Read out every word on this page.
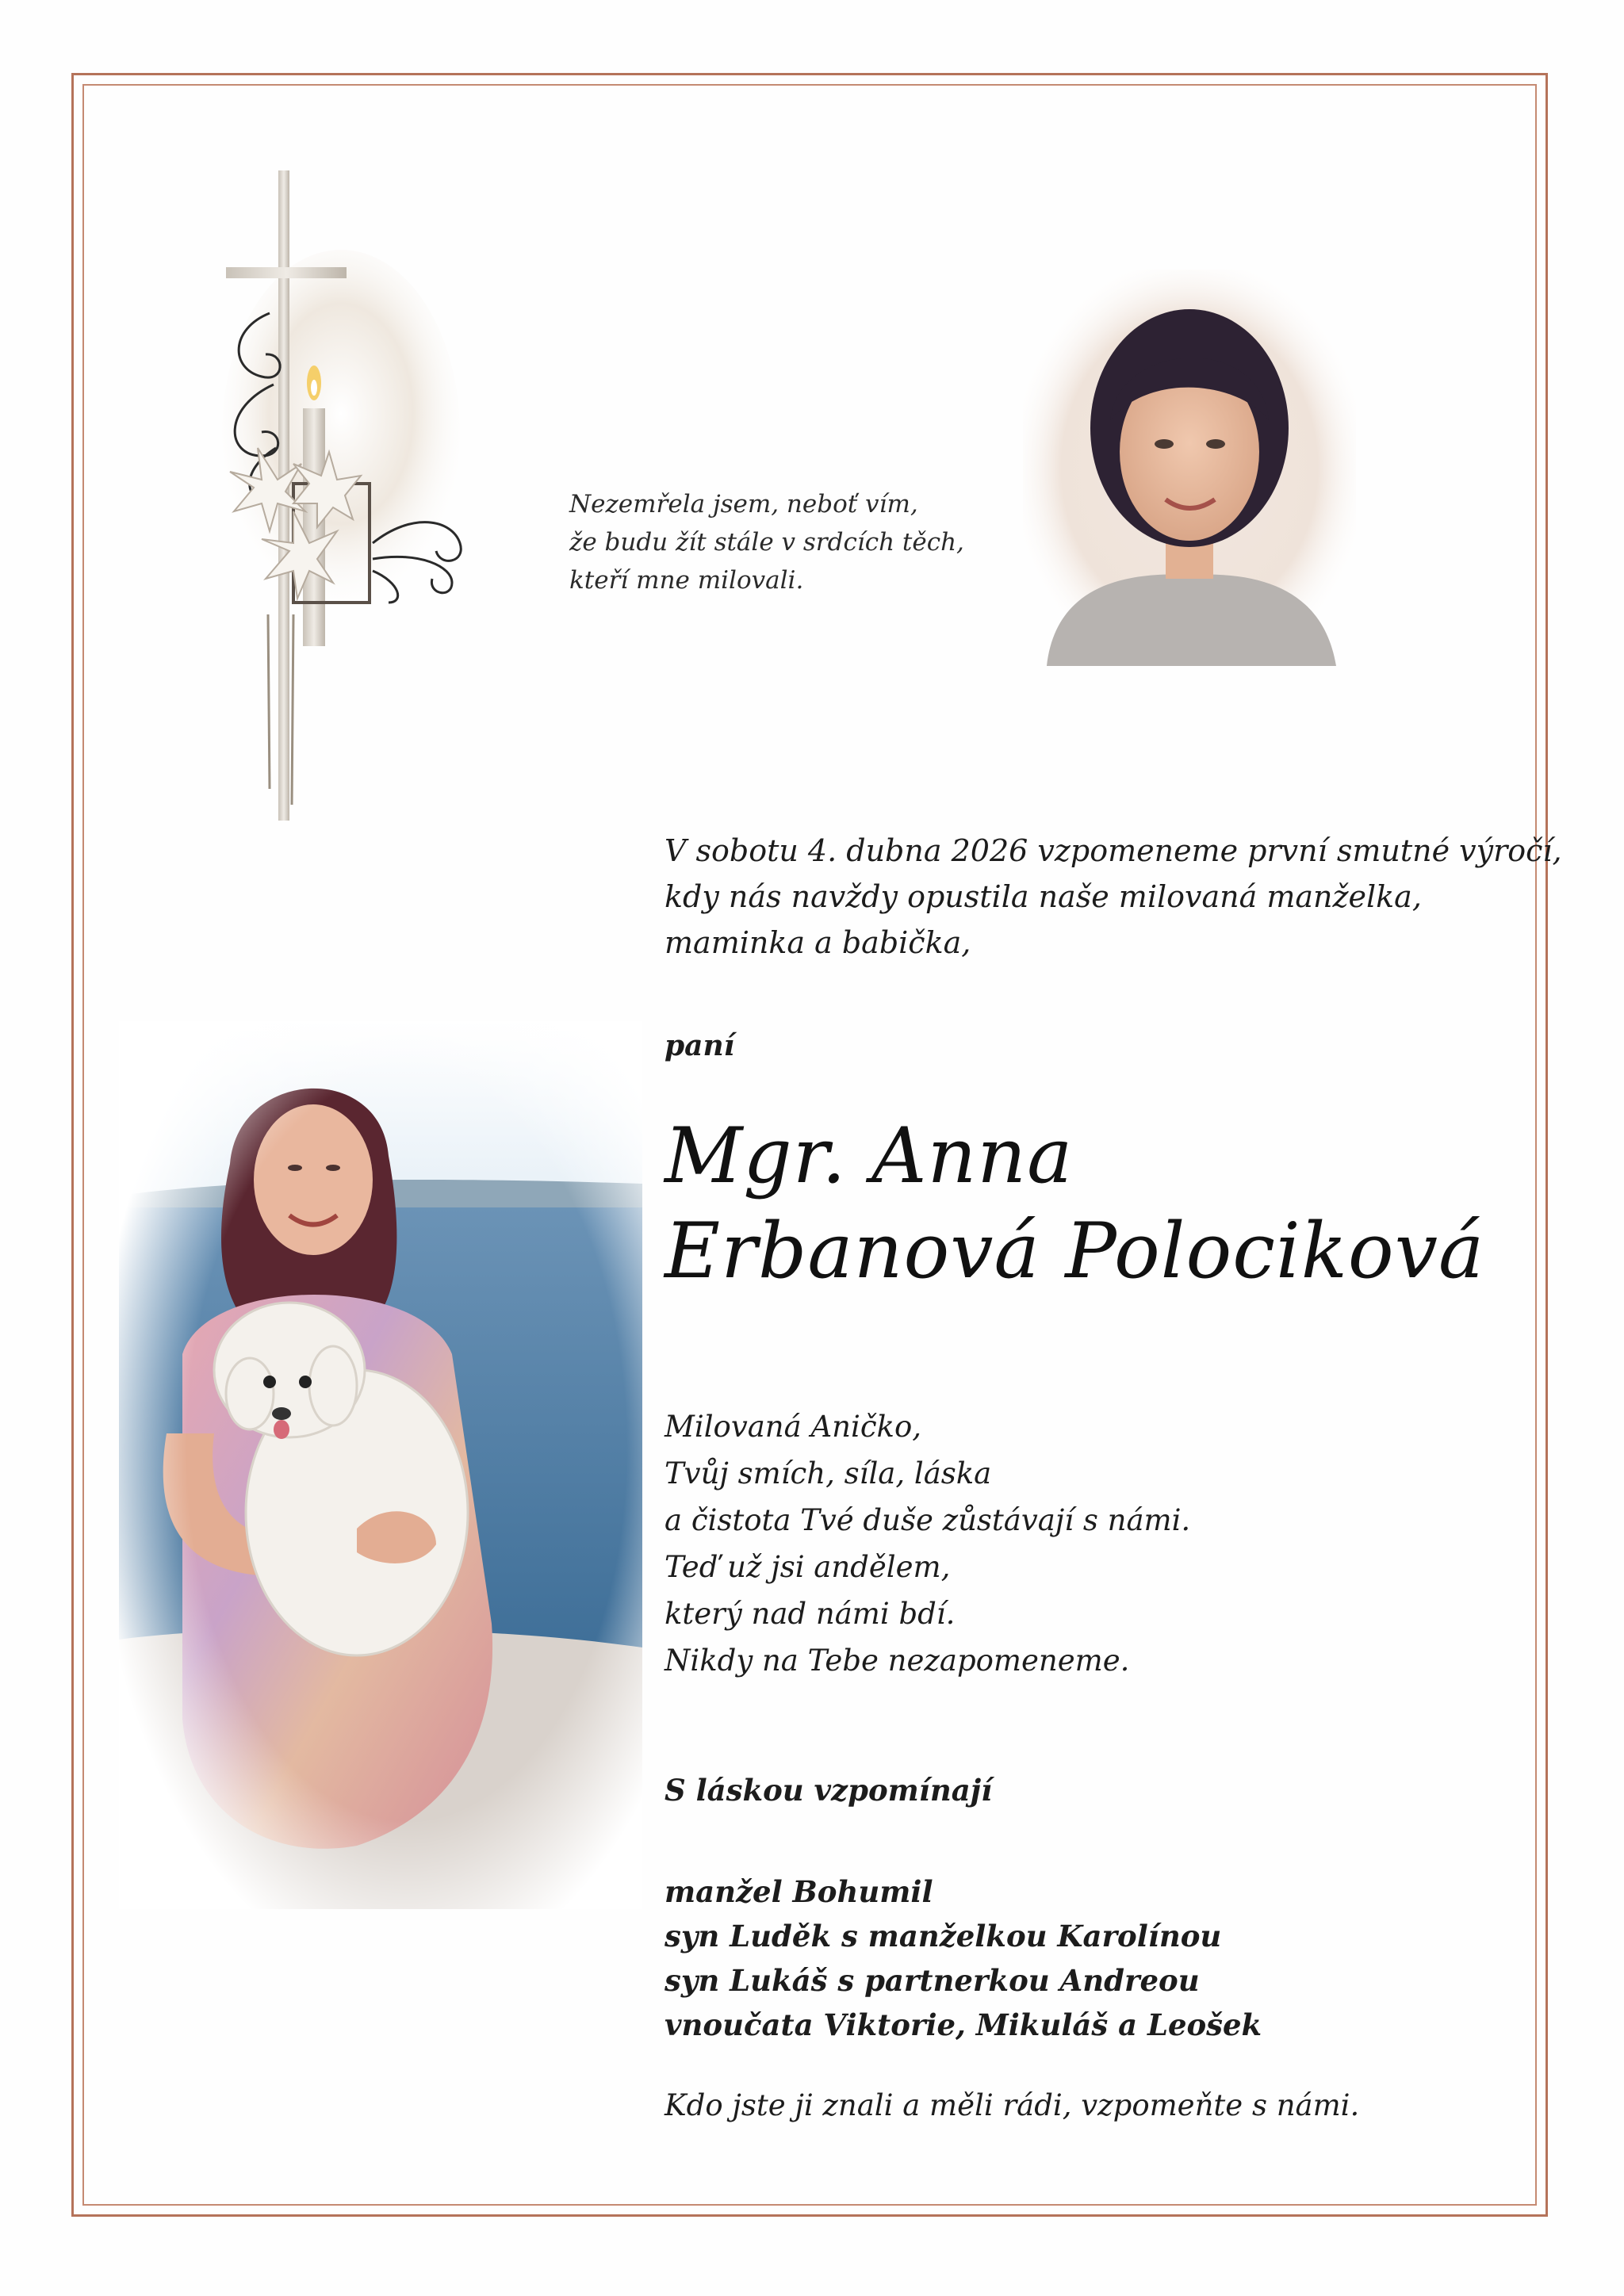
Nezemřela jsem, neboť vím,
že budu žít stále v srdcích těch,
kteří mne milovali.
V sobotu 4. dubna 2026 vzpomeneme první smutné výročí,
kdy nás navždy opustila naše milovaná manželka,
maminka a babička,
paní
Mgr. Anna
Erbanová Polociková
Milovaná Aničko,
Tvůj smích, síla, láska
a čistota Tvé duše zůstávají s námi.
Teď už jsi andělem,
který nad námi bdí.
Nikdy na Tebe nezapomeneme.
S láskou vzpomínají
manžel Bohumil
syn Luděk s manželkou Karolínou
syn Lukáš s partnerkou Andreou
vnoučata Viktorie, Mikuláš a Leošek
Kdo jste ji znali a měli rádi, vzpomeňte s námi.
